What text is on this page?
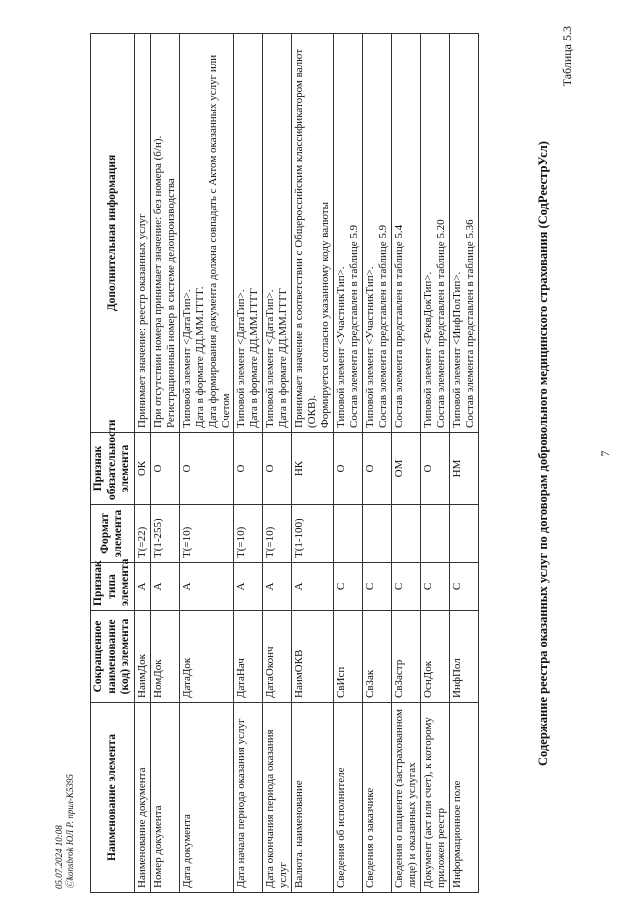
7
Таблица 5.3
Содержание реестра оказанных услуг по договорам добровольного медицинского страхования (СодРеестрУсл)
Наименование элемента	Сокращенное наименование (код) элемента	Признак типа элемента	Формат элемента	Признак обязательности элемента	Дополнительная информация
Наименование документа	НаимДок	А	Т(=22)	ОК	Принимает значение: реестр оказанных услуг

Номер документа	НомДок	А	Т(1-255)	О	При отсутствии номера принимает значение: без номера (б/н). Регистрационный номер в системе делопроизводства

Дата документа	ДатаДок	А	Т(=10)	О	Типовой элемент <ДатаТип>. Дата в формате ДД.ММ.ГГГГ. Дата формирования документа должна совпадать с Актом оказанных услуг или Счетом

Дата начала периода оказания услуг	ДатаНач	А	Т(=10)	О	Типовой элемент <ДатаТип>. Дата в формате ДД.ММ.ГГГГ

Дата окончания периода оказания услуг	ДатаОконч	А	Т(=10)	О	Типовой элемент <ДатаТип>. Дата в формате ДД.ММ.ГГГГ

Валюта. наименование	НаимОКВ	А	Т(1-100)	НК	Принимает значение в соответствии с Общероссийским классификатором валют (ОКВ). Формируется согласно указанному коду валюты

Сведения об исполнителе	СвИсп	С		О	Типовой элемент <УчастникТип>. Состав элемента представлен в таблице 5.9

Сведения о заказчике	СвЗак	С		О	Типовой элемент <УчастникТип>. Состав элемента представлен в таблице 5.9

Сведения о пациенте (застрахованном лице) и оказанных услугах	СвЗастр	С		ОМ	Состав элемента представлен в таблице 5.4

Документ (акт или счет), к которому приложен реестр	ОснДок	С		О	Типовой элемент <РеквДокТип>. Состав элемента представлен в таблице 5.20

Информационное поле	ИнфПол	С		НМ	Типовой элемент <ИнфПолТип>. Состав элемента представлен в таблице 5.36
05.07.2024 10:08 Ⓒkonsbrok ЮЛ Р. прил-К5395
